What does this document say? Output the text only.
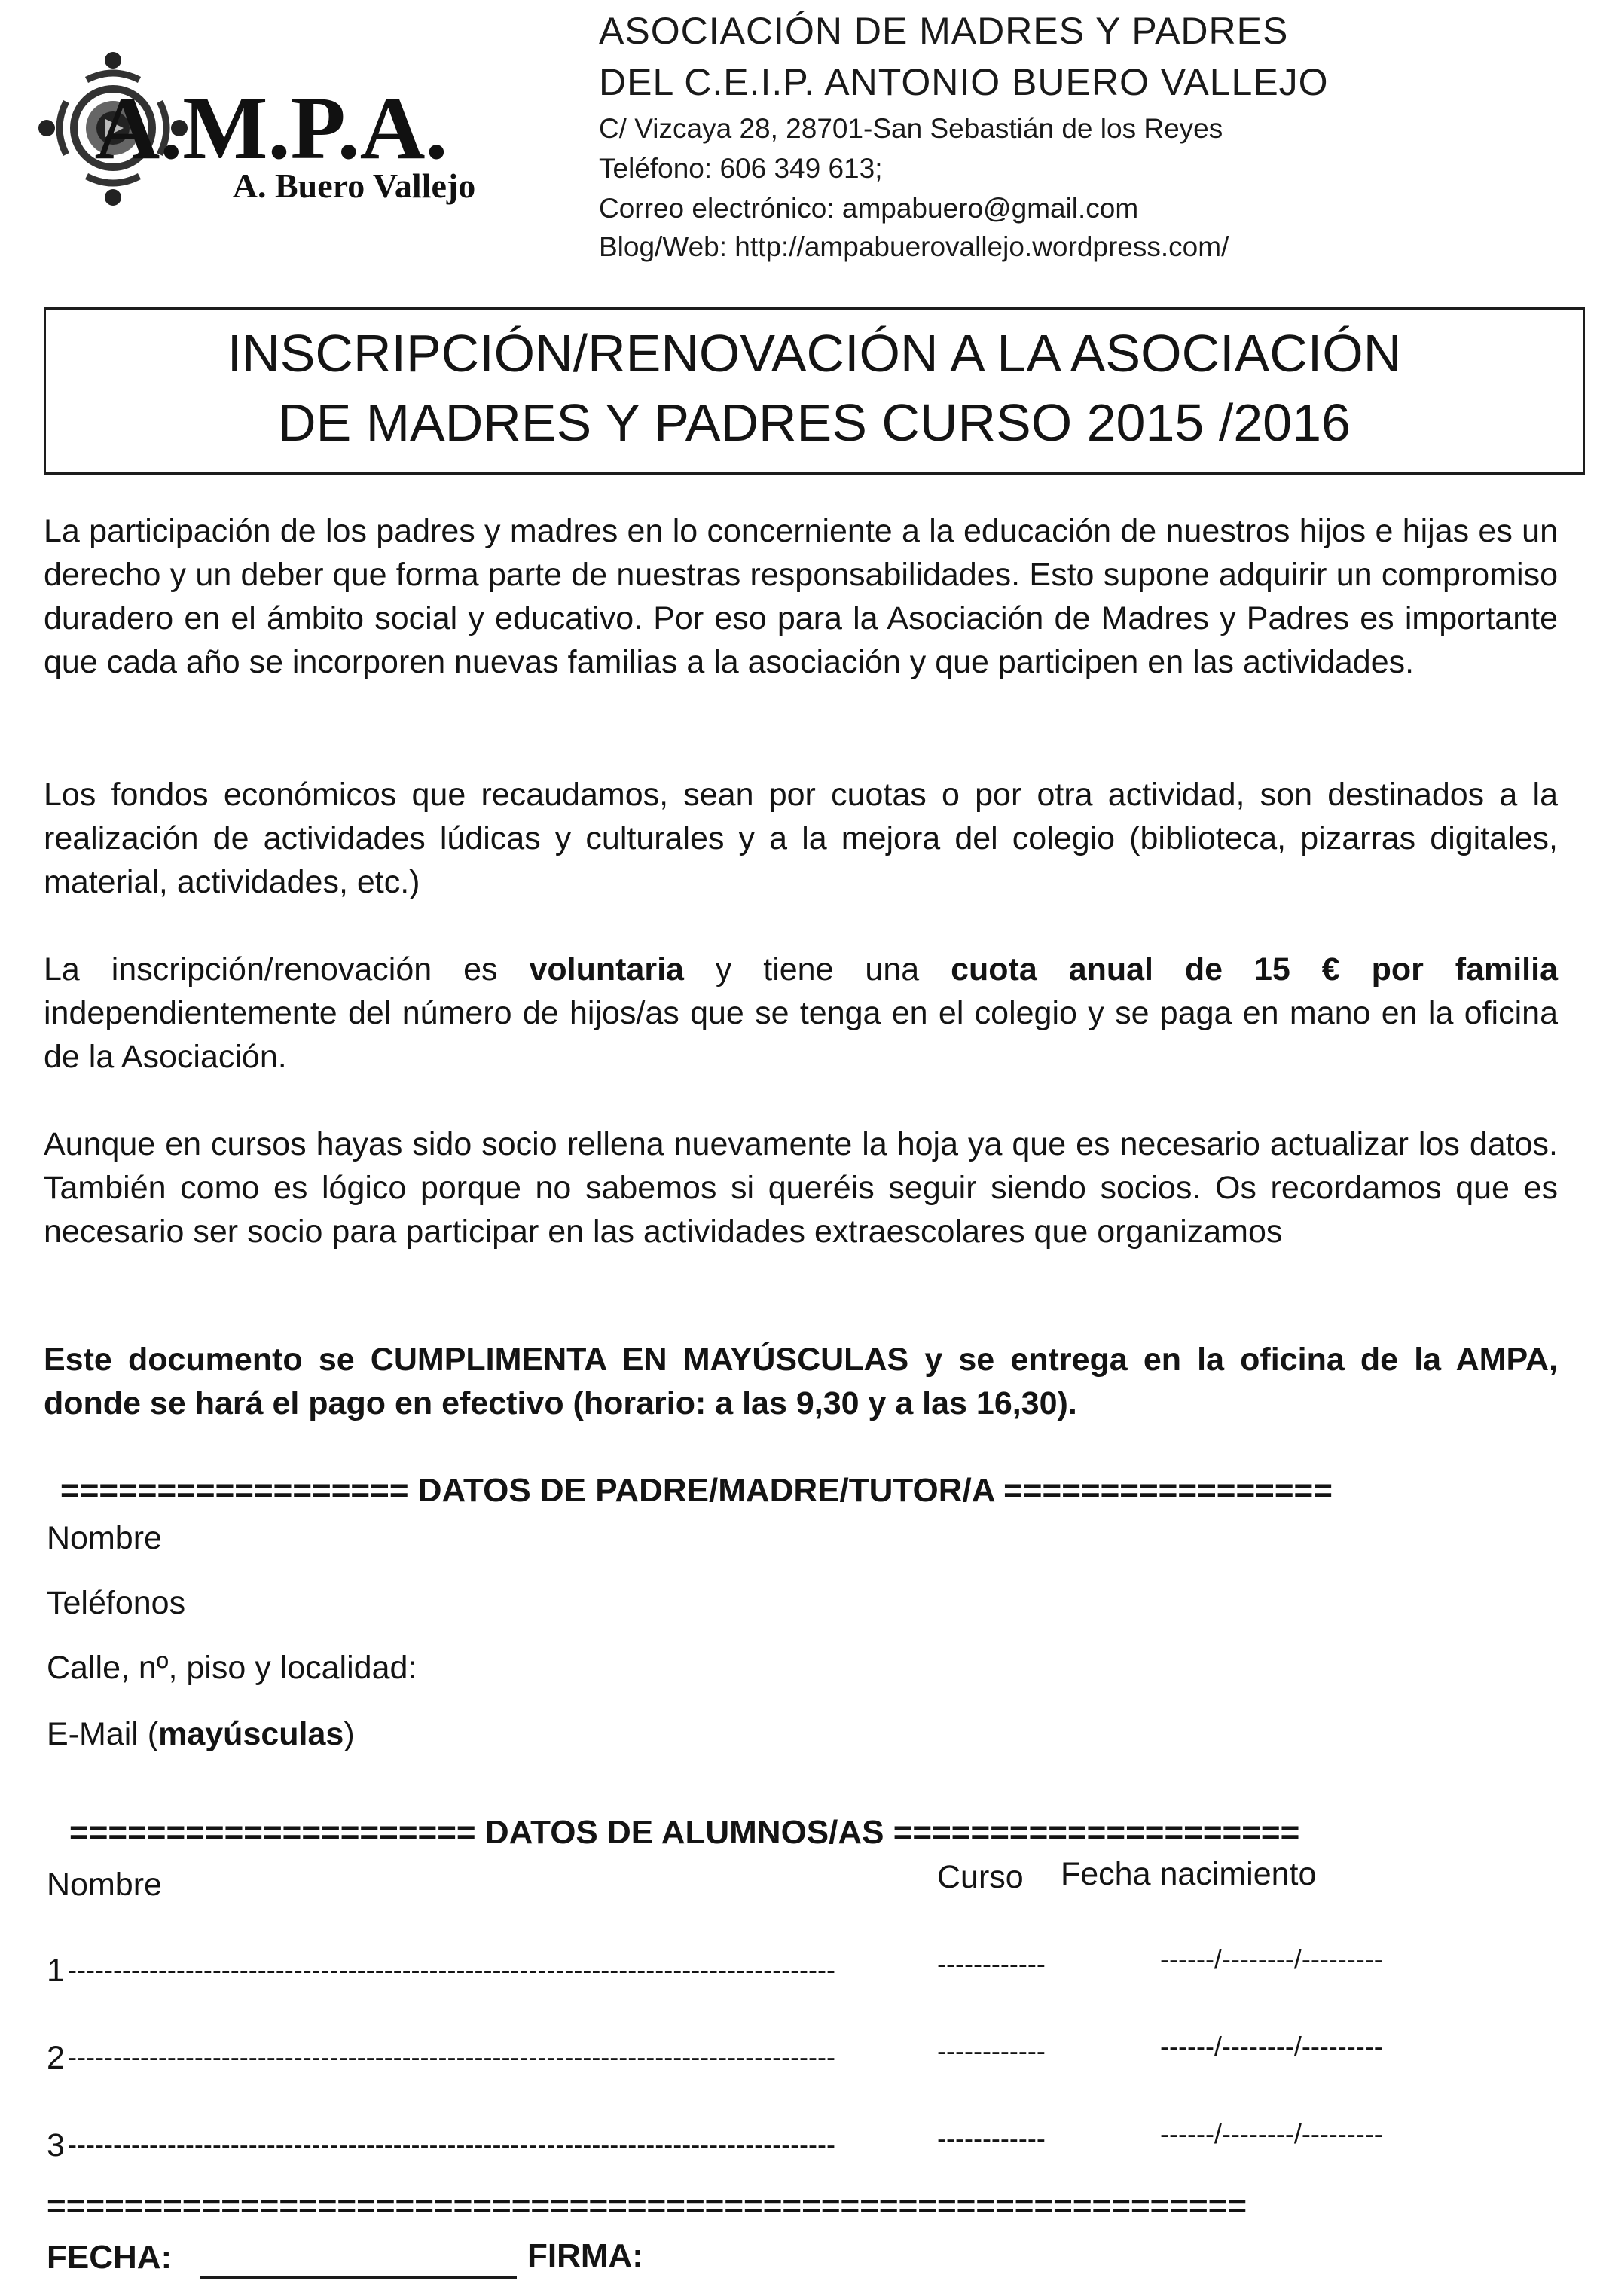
A.M.P.A.
A. Buero Vallejo
ASOCIACIÓN DE MADRES Y PADRES
DEL C.E.I.P. ANTONIO BUERO VALLEJO
C/ Vizcaya 28, 28701-San Sebastián de los Reyes
Teléfono: 606 349 613;
Correo electrónico: ampabuero@gmail.com
Blog/Web: http://ampabuerovallejo.wordpress.com/
INSCRIPCIÓN/RENOVACIÓN A LA ASOCIACIÓN
DE MADRES Y PADRES CURSO 2015 /2016
La participación de los padres y madres en lo concerniente a la educación de nuestros hijos e hijas es un derecho y un deber que forma parte de nuestras responsabilidades. Esto supone adquirir un compromiso duradero en el ámbito social y educativo. Por eso para la Asociación de Madres y Padres es importante que cada año se incorporen nuevas familias a la asociación y que participen en las actividades.
Los fondos económicos que recaudamos, sean por cuotas o por otra actividad, son destinados a la realización de actividades lúdicas y culturales y a la mejora del colegio (biblioteca, pizarras digitales, material, actividades, etc.)
La inscripción/renovación es voluntaria y tiene una cuota anual de 15 € por familia independientemente del número de hijos/as que se tenga en el colegio y se paga en mano en la oficina de la Asociación.
Aunque en cursos hayas sido socio rellena nuevamente la hoja ya que es necesario actualizar los datos. También como es lógico porque no sabemos si queréis seguir siendo socios. Os recordamos que es necesario ser socio para participar en las actividades extraescolares que organizamos
Este documento se CUMPLIMENTA EN MAYÚSCULAS y se entrega en la oficina de la AMPA, donde se hará el pago en efectivo (horario: a las 9,30 y a las 16,30).
================== DATOS DE PADRE/MADRE/TUTOR/A =================
Nombre
Teléfonos
Calle, nº, piso y localidad:
E-Mail (mayúsculas)
===================== DATOS DE ALUMNOS/AS =====================
Nombre	Curso Fecha nacimiento
1 -------------------------------------------------------------------------------------	------------	------/--------/---------
2 -------------------------------------------------------------------------------------	------------	------/--------/---------
3 -------------------------------------------------------------------------------------	------------	------/--------/---------
==============================================================
FECHA:	FIRMA:
